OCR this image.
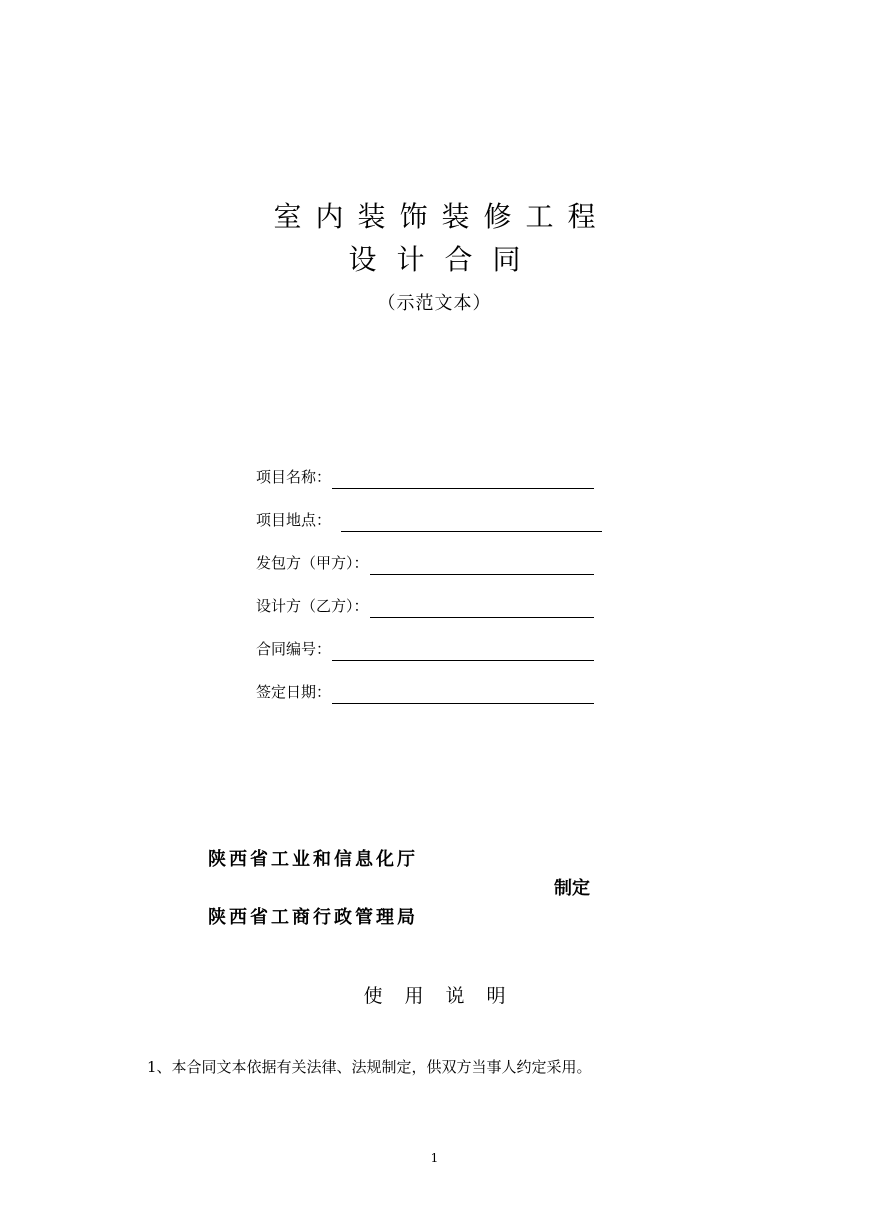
室内装饰装修工程
设计合同
（示范文本）
项目名称：
项目地点：
发包方（甲方）：
设计方（乙方）：
合同编号：
签定日期：
陕西省工业和信息化厅
制定
陕西省工商行政管理局
使用说明
1、本合同文本依据有关法律、法规制定，供双方当事人约定采用。
1
